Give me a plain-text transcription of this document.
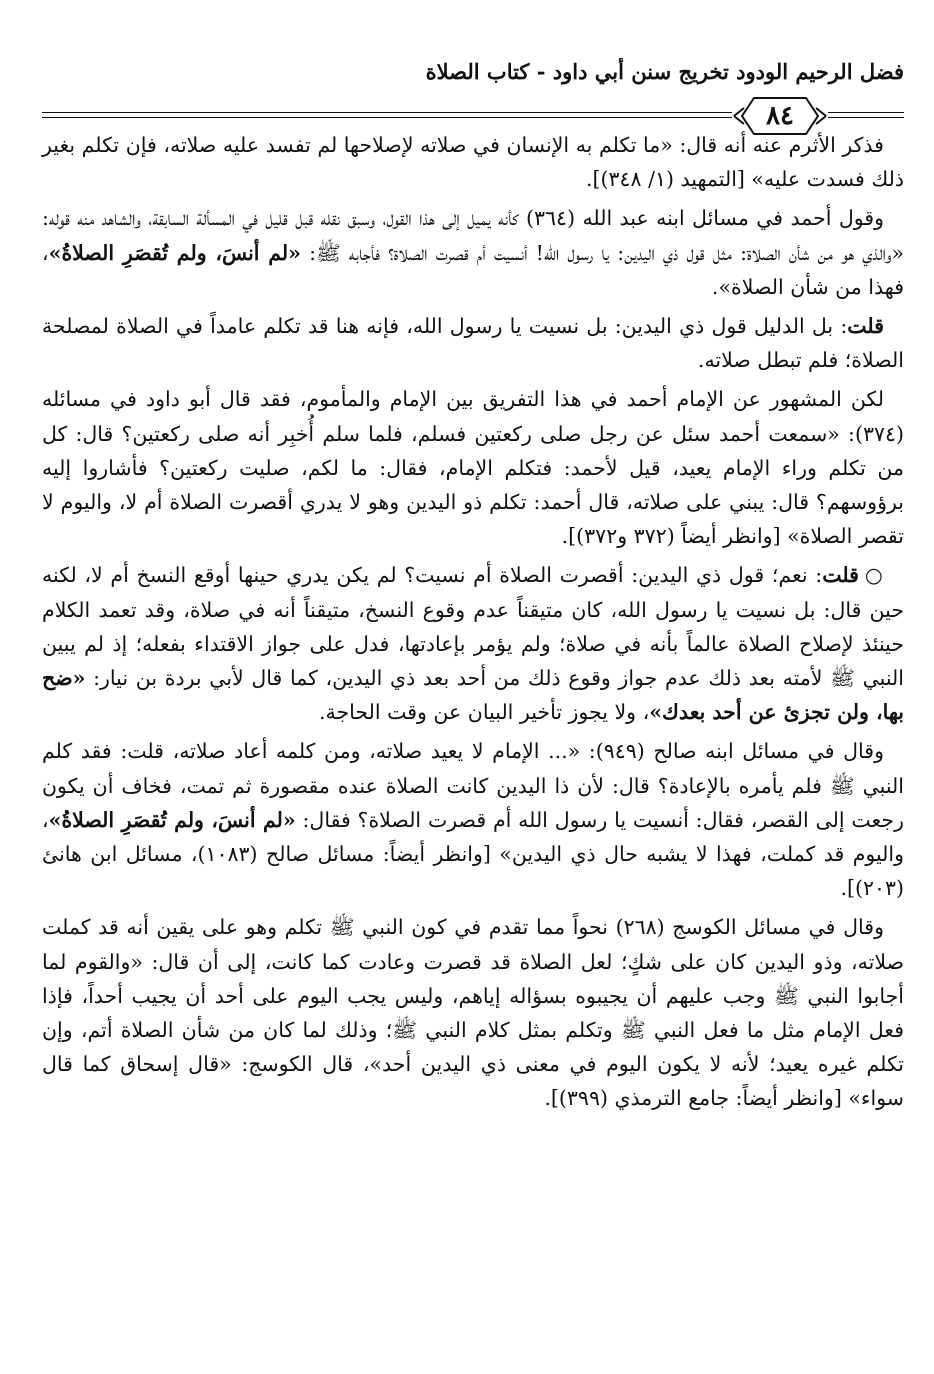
فضل الرحيم الودود تخريج سنن أبي داود - كتاب الصلاة
٨٤

فذكر الأثرم عنه أنه قال: «ما تكلم به الإنسان في صلاته لإصلاحها لم تفسد عليه صلاته، فإن تكلم بغير ذلك فسدت عليه» [التمهيد (١/ ٣٤٨)].

وقول أحمد في مسائل ابنه عبد الله (٣٦٤) كأنه يميل إلى هذا القول، وسبق نقله قبل قليل في المسألة السابقة، والشاهد منه قوله: «والذي هو من شأن الصلاة: مثل قول ذي اليدين: يا رسول الله! أنسيت أم قصرت الصلاة؟ فأجابه ﷺ: «لم أنسَ، ولم تُقصَرِ الصلاةُ»، فهذا من شأن الصلاة».

قلت: بل الدليل قول ذي اليدين: بل نسيت يا رسول الله، فإنه هنا قد تكلم عامداً في الصلاة لمصلحة الصلاة؛ فلم تبطل صلاته.

لكن المشهور عن الإمام أحمد في هذا التفريق بين الإمام والمأموم، فقد قال أبو داود في مسائله (٣٧٤): «سمعت أحمد سئل عن رجل صلى ركعتين فسلم، فلما سلم أُخبِر أنه صلى ركعتين؟ قال: كل من تكلم وراء الإمام يعيد، قيل لأحمد: فتكلم الإمام، فقال: ما لكم، صليت ركعتين؟ فأشاروا إليه برؤوسهم؟ قال: يبني على صلاته، قال أحمد: تكلم ذو اليدين وهو لا يدري أقصرت الصلاة أم لا، واليوم لا تقصر الصلاة» [وانظر أيضاً (٣٧٢ و٣٧٢)].

○قلت: نعم؛ قول ذي اليدين: أقصرت الصلاة أم نسيت؟ لم يكن يدري حينها أوقع النسخ أم لا، لكنه حين قال: بل نسيت يا رسول الله، كان متيقناً عدم وقوع النسخ، متيقناً أنه في صلاة، وقد تعمد الكلام حينئذ لإصلاح الصلاة عالماً بأنه في صلاة؛ ولم يؤمر بإعادتها، فدل على جواز الاقتداء بفعله؛ إذ لم يبين النبي ﷺ لأمته بعد ذلك عدم جواز وقوع ذلك من أحد بعد ذي اليدين، كما قال لأبي بردة بن نيار: «ضح بها، ولن تجزئ عن أحد بعدك»، ولا يجوز تأخير البيان عن وقت الحاجة.

وقال في مسائل ابنه صالح (٩٤٩): «... الإمام لا يعيد صلاته، ومن كلمه أعاد صلاته، قلت: فقد كلم النبي ﷺ فلم يأمره بالإعادة؟ قال: لأن ذا اليدين كانت الصلاة عنده مقصورة ثم تمت، فخاف أن يكون رجعت إلى القصر، فقال: أنسيت يا رسول الله أم قصرت الصلاة؟ فقال: «لم أنسَ، ولم تُقصَرِ الصلاةُ»، واليوم قد كملت، فهذا لا يشبه حال ذي اليدين» [وانظر أيضاً: مسائل صالح (١٠٨٣)، مسائل ابن هانئ (٢٠٣)].

وقال في مسائل الكوسج (٢٦٨) نحواً مما تقدم في كون النبي ﷺ تكلم وهو على يقين أنه قد كملت صلاته، وذو اليدين كان على شكٍ؛ لعل الصلاة قد قصرت وعادت كما كانت، إلى أن قال: «والقوم لما أجابوا النبي ﷺ وجب عليهم أن يجيبوه بسؤاله إياهم، وليس يجب اليوم على أحد أن يجيب أحداً، فإذا فعل الإمام مثل ما فعل النبي ﷺ وتكلم بمثل كلام النبي ﷺ؛ وذلك لما كان من شأن الصلاة أتم، وإن تكلم غيره يعيد؛ لأنه لا يكون اليوم في معنى ذي اليدين أحد»، قال الكوسج: «قال إسحاق كما قال سواء» [وانظر أيضاً: جامع الترمذي (٣٩٩)].
